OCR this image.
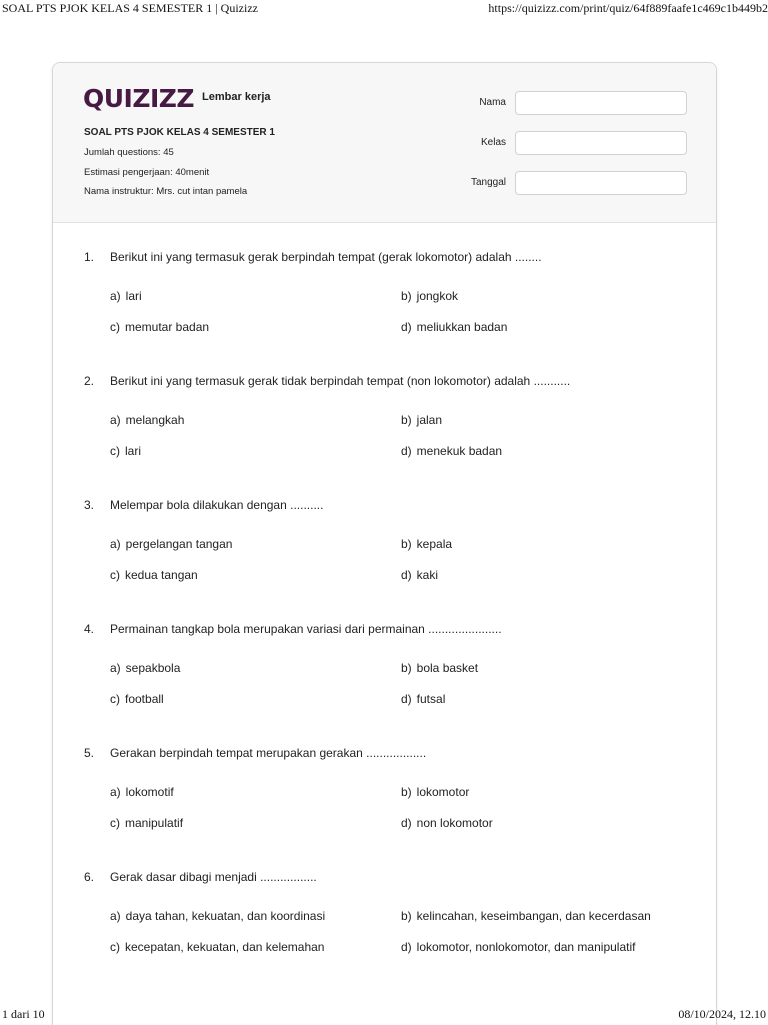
SOAL PTS PJOK KELAS 4 SEMESTER 1 | Quizizz	https://quizizz.com/print/quiz/64f889faafe1c469c1b449b2
QUIZIZZ Lembar kerja
SOAL PTS PJOK KELAS 4 SEMESTER 1
Jumlah questions: 45
Estimasi pengerjaan: 40menit
Nama instruktur: Mrs. cut intan pamela
Nama
Kelas
Tanggal
1.	Berikut ini yang termasuk gerak berpindah tempat (gerak lokomotor) adalah ........
a) lari	b) jongkok
c) memutar badan	d) meliukkan badan
2.	Berikut ini yang termasuk gerak tidak berpindah tempat (non lokomotor) adalah ...........
a) melangkah	b) jalan
c) lari	d) menekuk badan
3.	Melempar bola dilakukan dengan ..........
a) pergelangan tangan	b) kepala
c) kedua tangan	d) kaki
4.	Permainan tangkap bola merupakan variasi dari permainan ......................
a) sepakbola	b) bola basket
c) football	d) futsal
5.	Gerakan berpindah tempat merupakan gerakan ..................
a) lokomotif	b) lokomotor
c) manipulatif	d) non lokomotor
6.	Gerak dasar dibagi menjadi .................
a) daya tahan, kekuatan, dan koordinasi	b) kelincahan, keseimbangan, dan kecerdasan
c) kecepatan, kekuatan, dan kelemahan	d) lokomotor, nonlokomotor, dan manipulatif
1 dari 10	08/10/2024, 12.10
